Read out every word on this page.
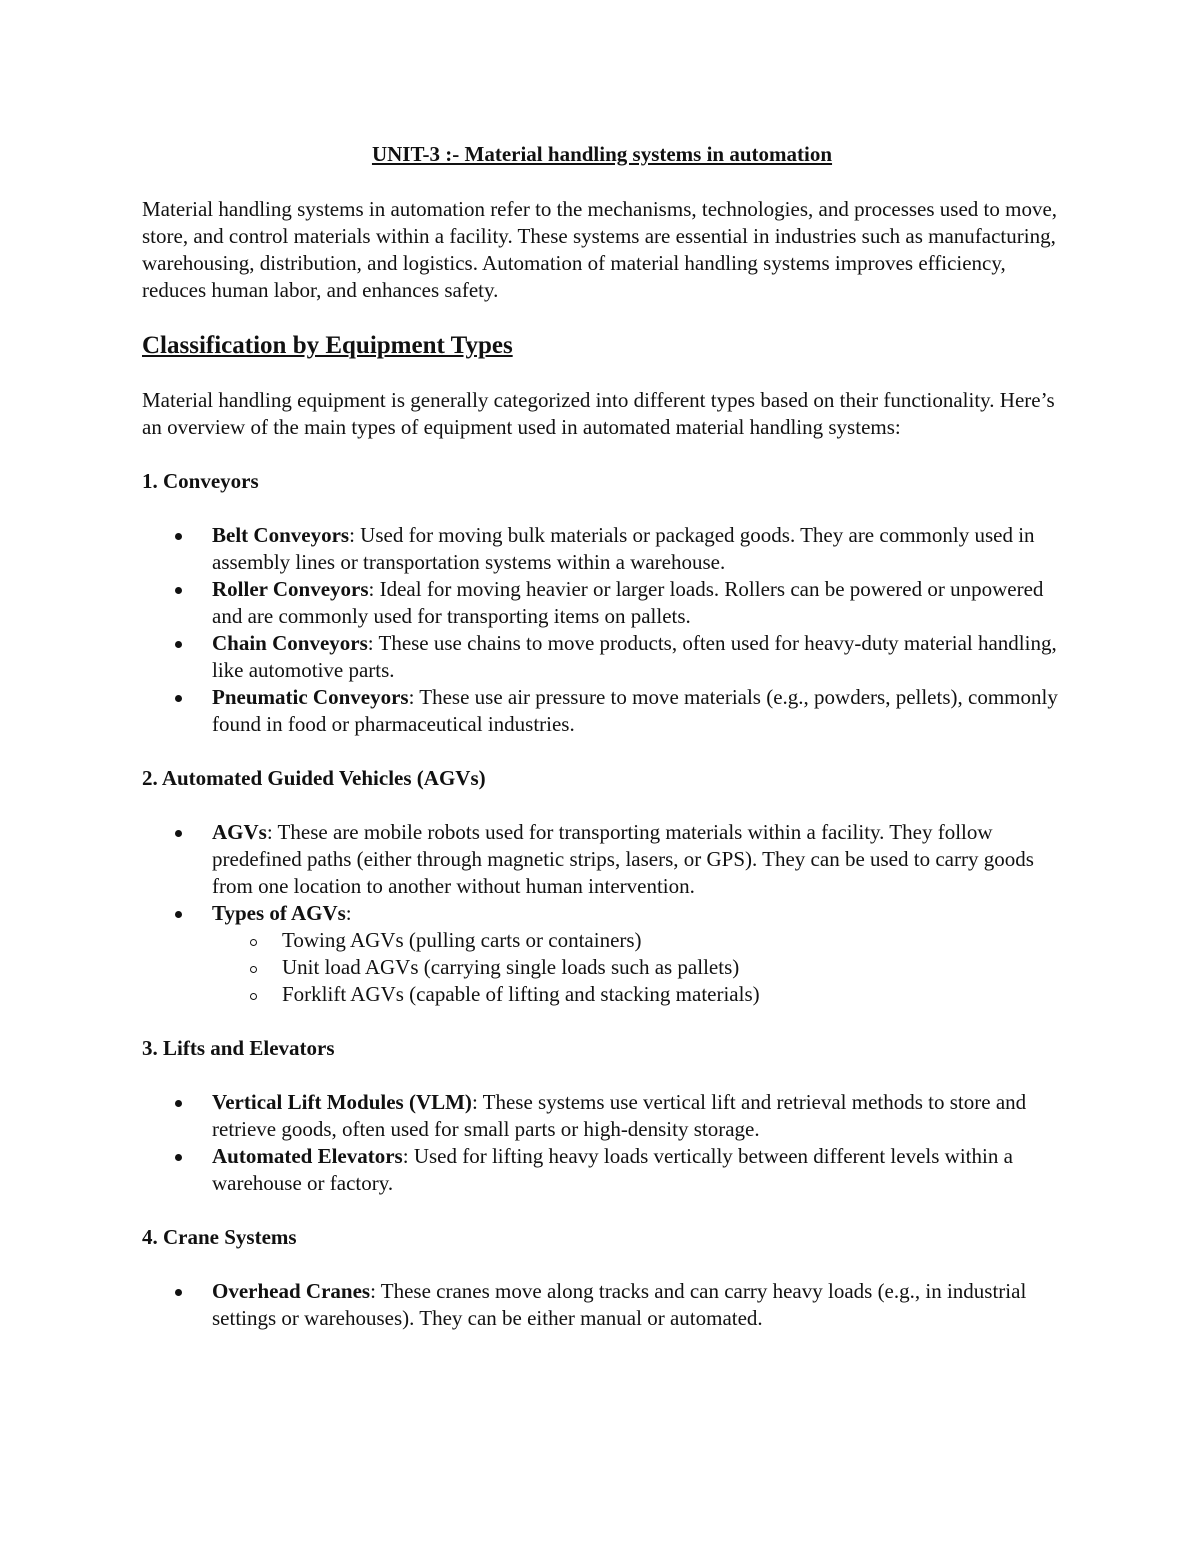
UNIT-3 :- Material handling systems in automation
Material handling systems in automation refer to the mechanisms, technologies, and processes used to move, store, and control materials within a facility. These systems are essential in industries such as manufacturing, warehousing, distribution, and logistics. Automation of material handling systems improves efficiency, reduces human labor, and enhances safety.
Classification by Equipment Types
Material handling equipment is generally categorized into different types based on their functionality. Here’s an overview of the main types of equipment used in automated material handling systems:
1. Conveyors
Belt Conveyors: Used for moving bulk materials or packaged goods. They are commonly used in assembly lines or transportation systems within a warehouse.
Roller Conveyors: Ideal for moving heavier or larger loads. Rollers can be powered or unpowered and are commonly used for transporting items on pallets.
Chain Conveyors: These use chains to move products, often used for heavy-duty material handling, like automotive parts.
Pneumatic Conveyors: These use air pressure to move materials (e.g., powders, pellets), commonly found in food or pharmaceutical industries.
2. Automated Guided Vehicles (AGVs)
AGVs: These are mobile robots used for transporting materials within a facility. They follow predefined paths (either through magnetic strips, lasers, or GPS). They can be used to carry goods from one location to another without human intervention.
Types of AGVs:
Towing AGVs (pulling carts or containers)
Unit load AGVs (carrying single loads such as pallets)
Forklift AGVs (capable of lifting and stacking materials)
3. Lifts and Elevators
Vertical Lift Modules (VLM): These systems use vertical lift and retrieval methods to store and retrieve goods, often used for small parts or high-density storage.
Automated Elevators: Used for lifting heavy loads vertically between different levels within a warehouse or factory.
4. Crane Systems
Overhead Cranes: These cranes move along tracks and can carry heavy loads (e.g., in industrial settings or warehouses). They can be either manual or automated.
